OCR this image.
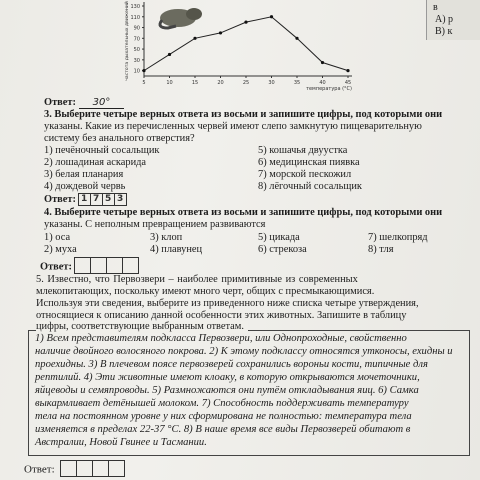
10
30
50
70
90
110
130
5	10	15	20	25	30	35	40	45
частота дыхательных движений
температура (°С)
в
А) р
В) к
Ответ: 30°
3. Выберите четыре верных ответа из восьми и запишите цифры, под которыми они
указаны. Какие из перечисленных червей имеют слепо замкнутую пищеварительную
систему без анального отверстия?
1) печёночный сосальщик
2) лошадиная аскарида
3) белая планария
4) дождевой червь
5) кошачья двуустка
6) медицинская пиявка
7) морской пескожил
8) лёгочный сосальщик
Ответ: 1 7 5 3
4. Выберите четыре верных ответа из восьми и запишите цифры, под которыми они
указаны. С неполным превращением развиваются
1) оса
2) муха
3) клоп
4) плавунец
5) цикада
6) стрекоза
7) шелкопряд
8) тля
Ответ:
5. Известно, что Первозвери – наиболее примитивные из современных
млекопитающих, поскольку имеют много черт, общих с пресмыкающимися.
Используя эти сведения, выберите из приведенного ниже списка четыре утверждения,
относящиеся к описанию данной особенности этих животных. Запишите в таблицу
цифры, соответствующие выбранным ответам.
1) Всем представителям подкласса Первозвери, или Однопроходные, свойственно
наличие двойного волосяного покрова. 2) К этому подклассу относятся утконосы, ехидны и
проехидны. 3) В плечевом поясе первозверей сохранились вороньи кости, типичные для
рептилий. 4) Эти животные имеют клоаку, в которую открываются мочеточники,
яйцеводы и семяпроводы. 5) Размножаются они путём откладывания яиц. 6) Самка
выкармливает детёнышей молоком. 7) Способность поддерживать температуру
тела на постоянном уровне у них сформирована не полностью: температура тела
изменяется в пределах 22-37 °С. 8) В наше время все виды Первозверей обитают в
Австралии, Новой Гвинее и Тасмании.
Ответ:
